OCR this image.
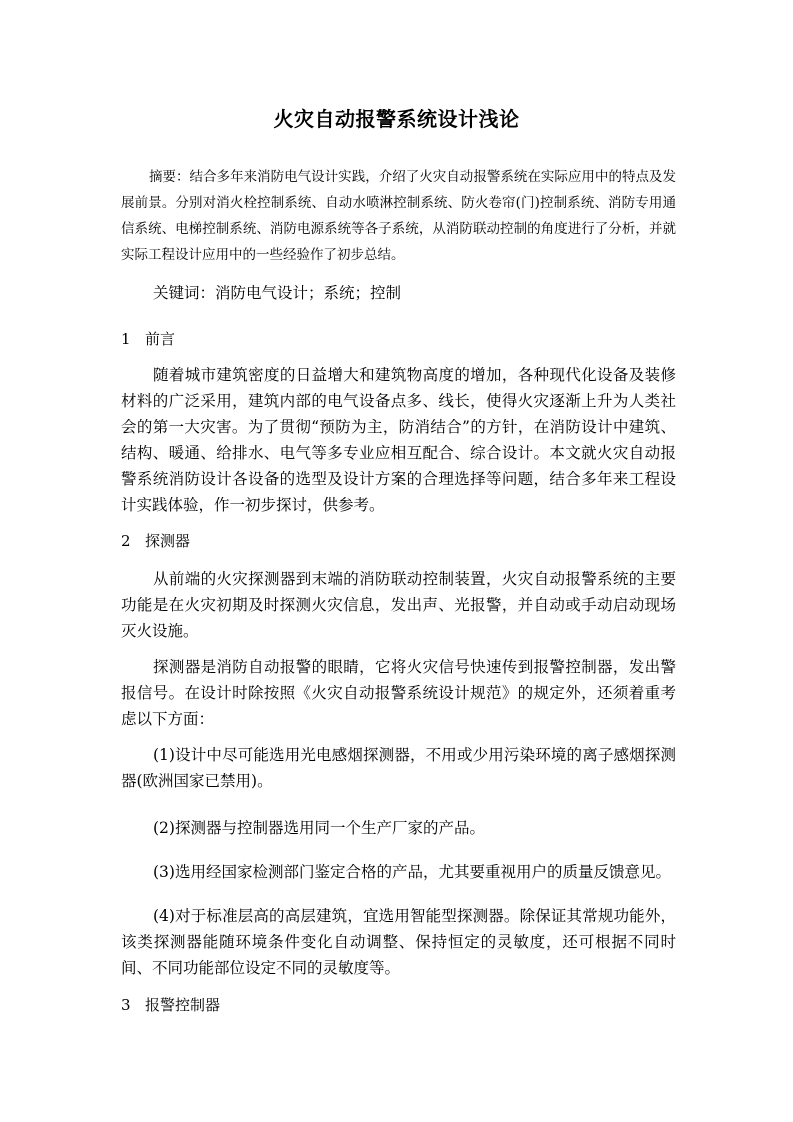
火灾自动报警系统设计浅论

摘要：结合多年来消防电气设计实践，介绍了火灾自动报警系统在实际应用中的特点及发展前景。分别对消火栓控制系统、自动水喷淋控制系统、防火卷帘(门)控制系统、消防专用通信系统、电梯控制系统、消防电源系统等各子系统，从消防联动控制的角度进行了分析，并就实际工程设计应用中的一些经验作了初步总结。

关键词：消防电气设计；系统；控制

1 前言

随着城市建筑密度的日益增大和建筑物高度的增加，各种现代化设备及装修材料的广泛采用，建筑内部的电气设备点多、线长，使得火灾逐渐上升为人类社会的第一大灾害。为了贯彻“预防为主，防消结合”的方针，在消防设计中建筑、结构、暖通、给排水、电气等多专业应相互配合、综合设计。本文就火灾自动报警系统消防设计各设备的选型及设计方案的合理选择等问题，结合多年来工程设计实践体验，作一初步探讨，供参考。

2 探测器

从前端的火灾探测器到末端的消防联动控制装置，火灾自动报警系统的主要功能是在火灾初期及时探测火灾信息，发出声、光报警，并自动或手动启动现场灭火设施。

探测器是消防自动报警的眼睛，它将火灾信号快速传到报警控制器，发出警报信号。在设计时除按照《火灾自动报警系统设计规范》的规定外，还须着重考虑以下方面：

(1)设计中尽可能选用光电感烟探测器，不用或少用污染环境的离子感烟探测器(欧洲国家已禁用)。

(2)探测器与控制器选用同一个生产厂家的产品。

(3)选用经国家检测部门鉴定合格的产品，尤其要重视用户的质量反馈意见。

(4)对于标准层高的高层建筑，宜选用智能型探测器。除保证其常规功能外，该类探测器能随环境条件变化自动调整、保持恒定的灵敏度，还可根据不同时间、不同功能部位设定不同的灵敏度等。

3 报警控制器
